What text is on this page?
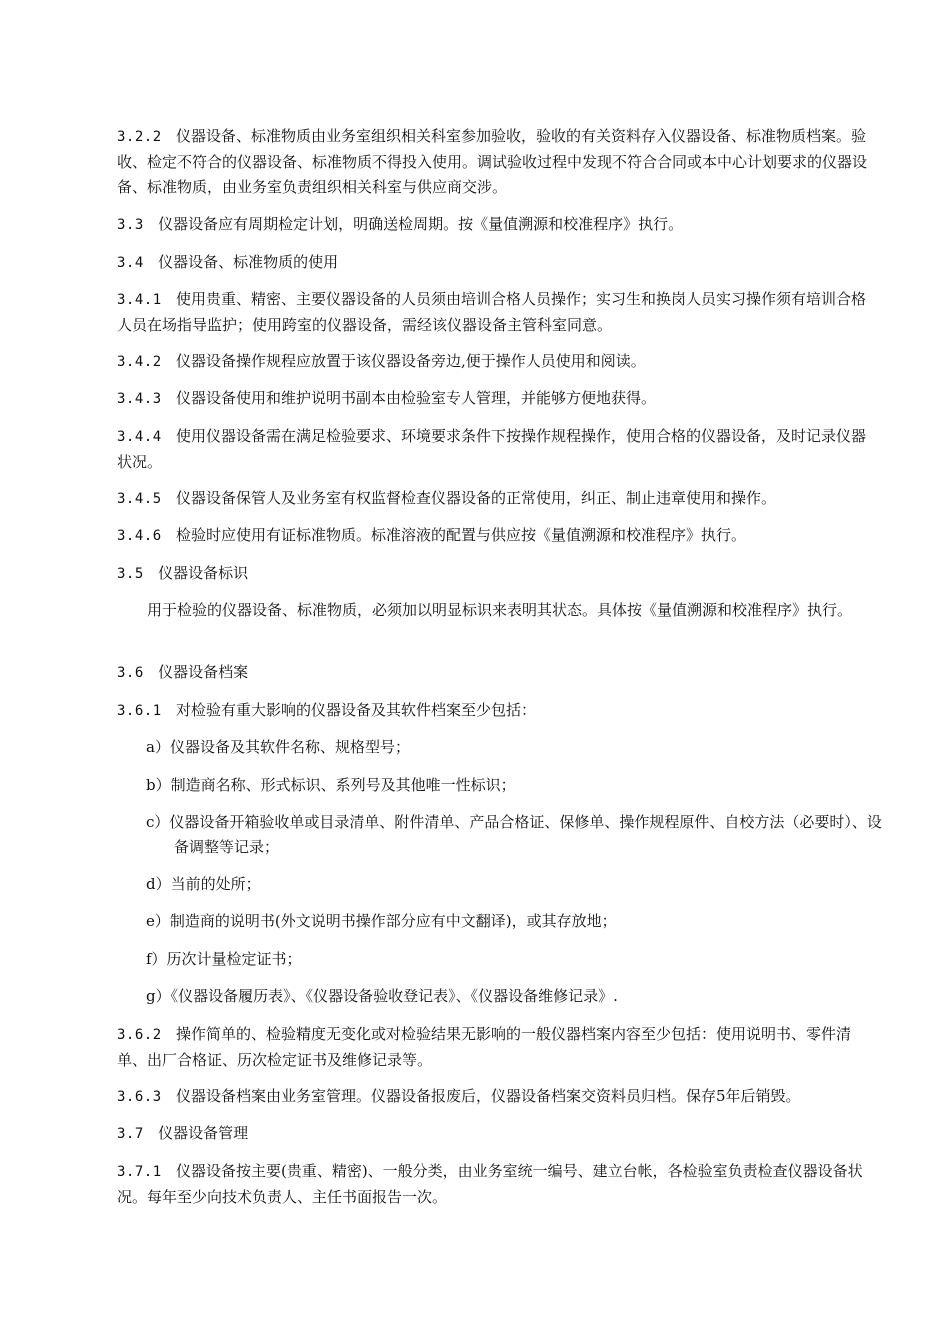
3.2.2 仪器设备、标准物质由业务室组织相关科室参加验收，验收的有关资料存入仪器设备、标准物质档案。验收、检定不符合的仪器设备、标准物质不得投入使用。调试验收过程中发现不符合合同或本中心计划要求的仪器设备、标准物质，由业务室负责组织相关科室与供应商交涉。

3.3 仪器设备应有周期检定计划，明确送检周期。按《量值溯源和校准程序》执行。

3.4 仪器设备、标准物质的使用

3.4.1 使用贵重、精密、主要仪器设备的人员须由培训合格人员操作；实习生和换岗人员实习操作须有培训合格人员在场指导监护；使用跨室的仪器设备，需经该仪器设备主管科室同意。

3.4.2 仪器设备操作规程应放置于该仪器设备旁边,便于操作人员使用和阅读。

3.4.3 仪器设备使用和维护说明书副本由检验室专人管理，并能够方便地获得。

3.4.4 使用仪器设备需在满足检验要求、环境要求条件下按操作规程操作，使用合格的仪器设备，及时记录仪器状况。

3.4.5 仪器设备保管人及业务室有权监督检查仪器设备的正常使用，纠正、制止违章使用和操作。

3.4.6 检验时应使用有证标准物质。标准溶液的配置与供应按《量值溯源和校准程序》执行。

3.5 仪器设备标识

用于检验的仪器设备、标准物质，必须加以明显标识来表明其状态。具体按《量值溯源和校准程序》执行。

3.6 仪器设备档案

3.6.1 对检验有重大影响的仪器设备及其软件档案至少包括：

a）仪器设备及其软件名称、规格型号；

b）制造商名称、形式标识、系列号及其他唯一性标识；

c）仪器设备开箱验收单或目录清单、附件清单、产品合格证、保修单、操作规程原件、自校方法（必要时）、设备调整等记录；

d）当前的处所；

e）制造商的说明书(外文说明书操作部分应有中文翻译)，或其存放地；

f）历次计量检定证书；

g）《仪器设备履历表》、《仪器设备验收登记表》、《仪器设备维修记录》.

3.6.2 操作简单的、检验精度无变化或对检验结果无影响的一般仪器档案内容至少包括：使用说明书、零件清单、出厂合格证、历次检定证书及维修记录等。

3.6.3 仪器设备档案由业务室管理。仪器设备报废后，仪器设备档案交资料员归档。保存5年后销毁。

3.7 仪器设备管理

3.7.1 仪器设备按主要(贵重、精密)、一般分类，由业务室统一编号、建立台帐，各检验室负责检查仪器设备状况。每年至少向技术负责人、主任书面报告一次。
